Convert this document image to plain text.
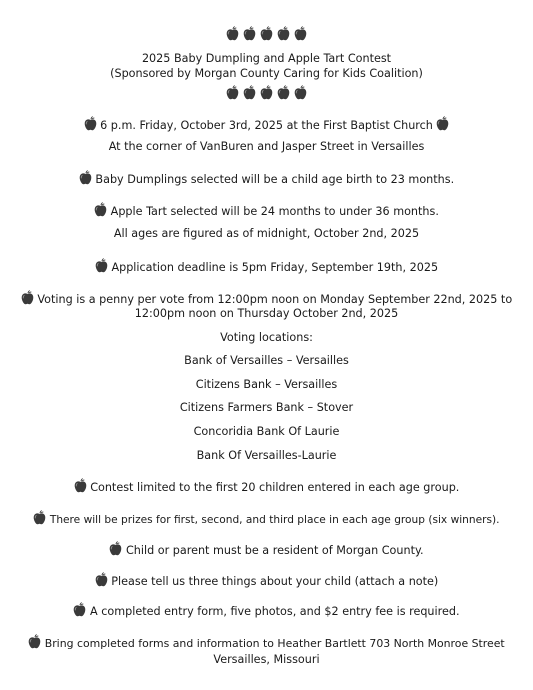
2025 Baby Dumpling and Apple Tart Contest
(Sponsored by Morgan County Caring for Kids Coalition)
6 p.m. Friday, October 3rd, 2025 at the First Baptist Church
At the corner of VanBuren and Jasper Street in Versailles
Baby Dumplings selected will be a child age birth to 23 months.
Apple Tart selected will be 24 months to under 36 months.
All ages are figured as of midnight, October 2nd, 2025
Application deadline is 5pm Friday, September 19th, 2025
Voting is a penny per vote from 12:00pm noon on Monday September 22nd, 2025 to
12:00pm noon on Thursday October 2nd, 2025
Voting locations:
Bank of Versailles – Versailles
Citizens Bank – Versailles
Citizens Farmers Bank – Stover
Concoridia Bank Of Laurie
Bank Of Versailles-Laurie
Contest limited to the first 20 children entered in each age group.
There will be prizes for first, second, and third place in each age group (six winners).
Child or parent must be a resident of Morgan County.
Please tell us three things about your child (attach a note)
A completed entry form, five photos, and $2 entry fee is required.
Bring completed forms and information to Heather Bartlett 703 North Monroe Street
Versailles, Missouri
